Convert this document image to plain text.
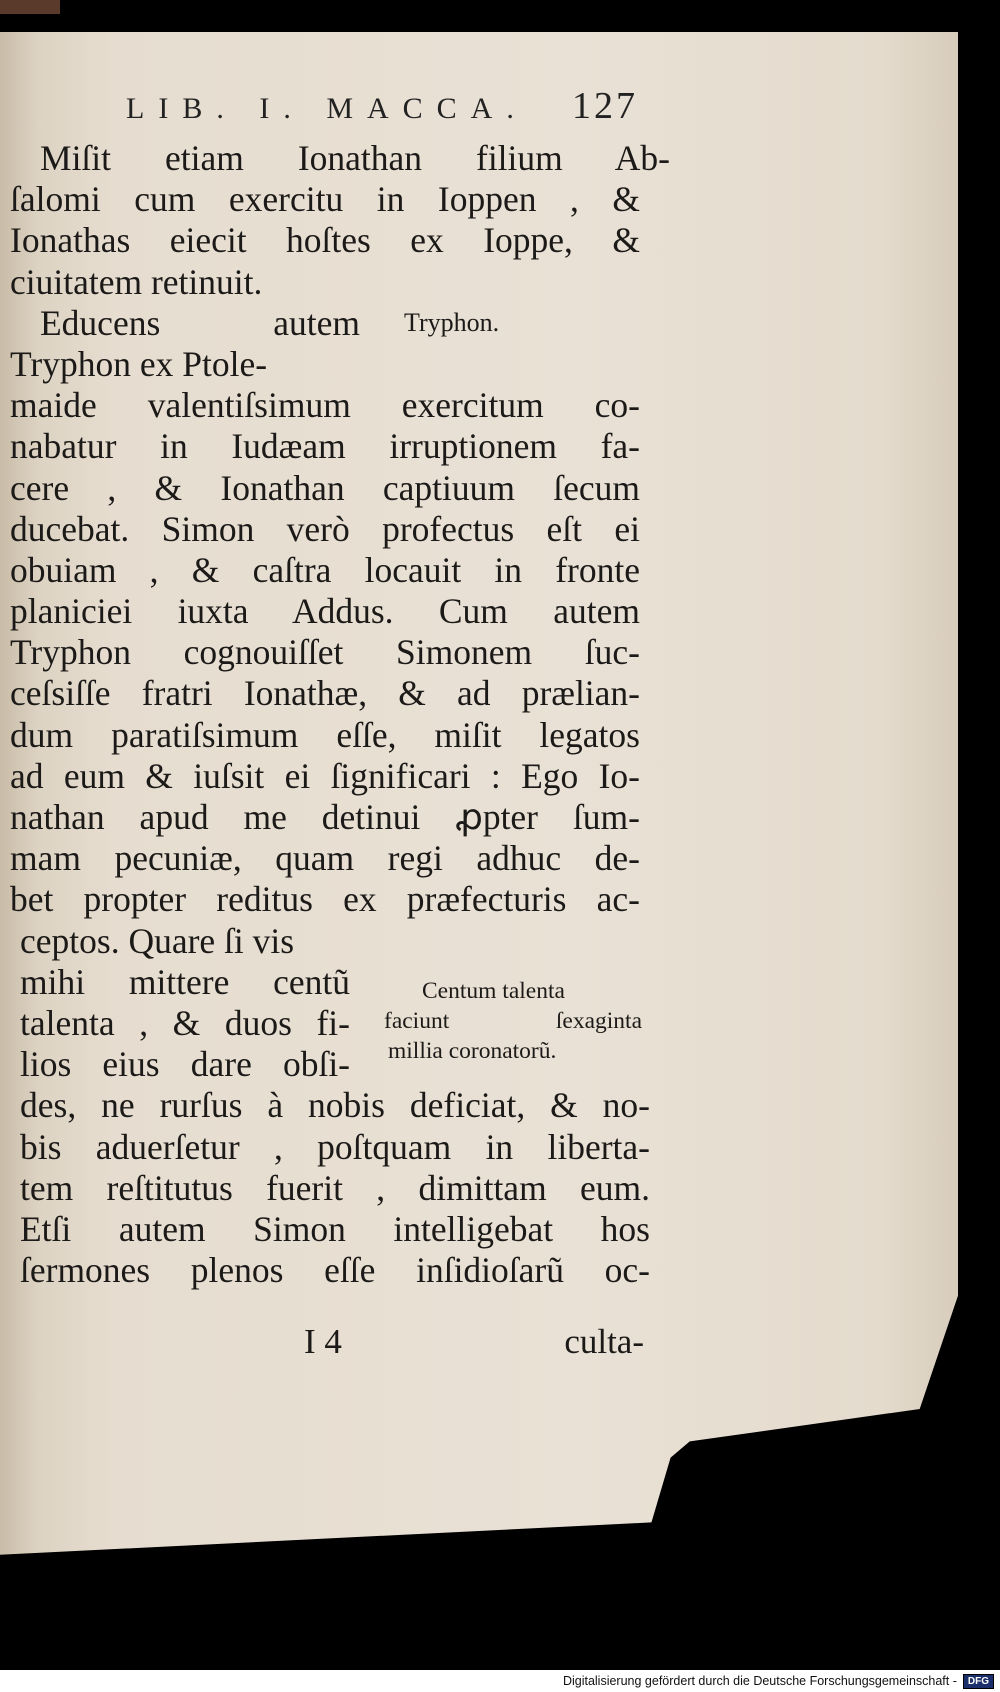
LIB. I. MACCA. 127
Miſit etiam Ionathan filium Ab-
ſalomi cum exercitu in Ioppen , &
Ionathas eiecit hoſtes ex Ioppe, &
ciuitatem retinuit.
Educens autem
Tryphon ex Ptole-
maide valentiſsimum exercitum co-
nabatur in Iudæam irruptionem fa-
cere , & Ionathan captiuum ſecum
ducebat. Simon verò profectus eſt ei
obuiam , & caſtra locauit in fronte
planiciei iuxta Addus. Cum autem
Tryphon cognouiſſet Simonem ſuc-
ceſsiſſe fratri Ionathæ, & ad prælian-
dum paratiſsimum eſſe, miſit legatos
ad eum & iuſsit ei ſignificari : Ego Io-
nathan apud me detinui ꝓpter ſum-
mam pecuniæ, quam regi adhuc de-
bet propter reditus ex præfecturis ac-
ceptos. Quare ſi vis
mihi mittere centũ
talenta , & duos fi-
lios eius dare obſi-
des, ne rurſus à nobis deficiat, & no-
bis aduerſetur , poſtquam in liberta-
tem reſtitutus fuerit , dimittam eum.
Etſi autem Simon intelligebat hos
ſermones plenos eſſe inſidioſarũ oc-
Tryphon.
Centum talenta
faciunt ſexaginta
millia coronatorũ.
I 4	culta-
Digitalisierung gefördert durch die Deutsche Forschungsgemeinschaft -	DFG
